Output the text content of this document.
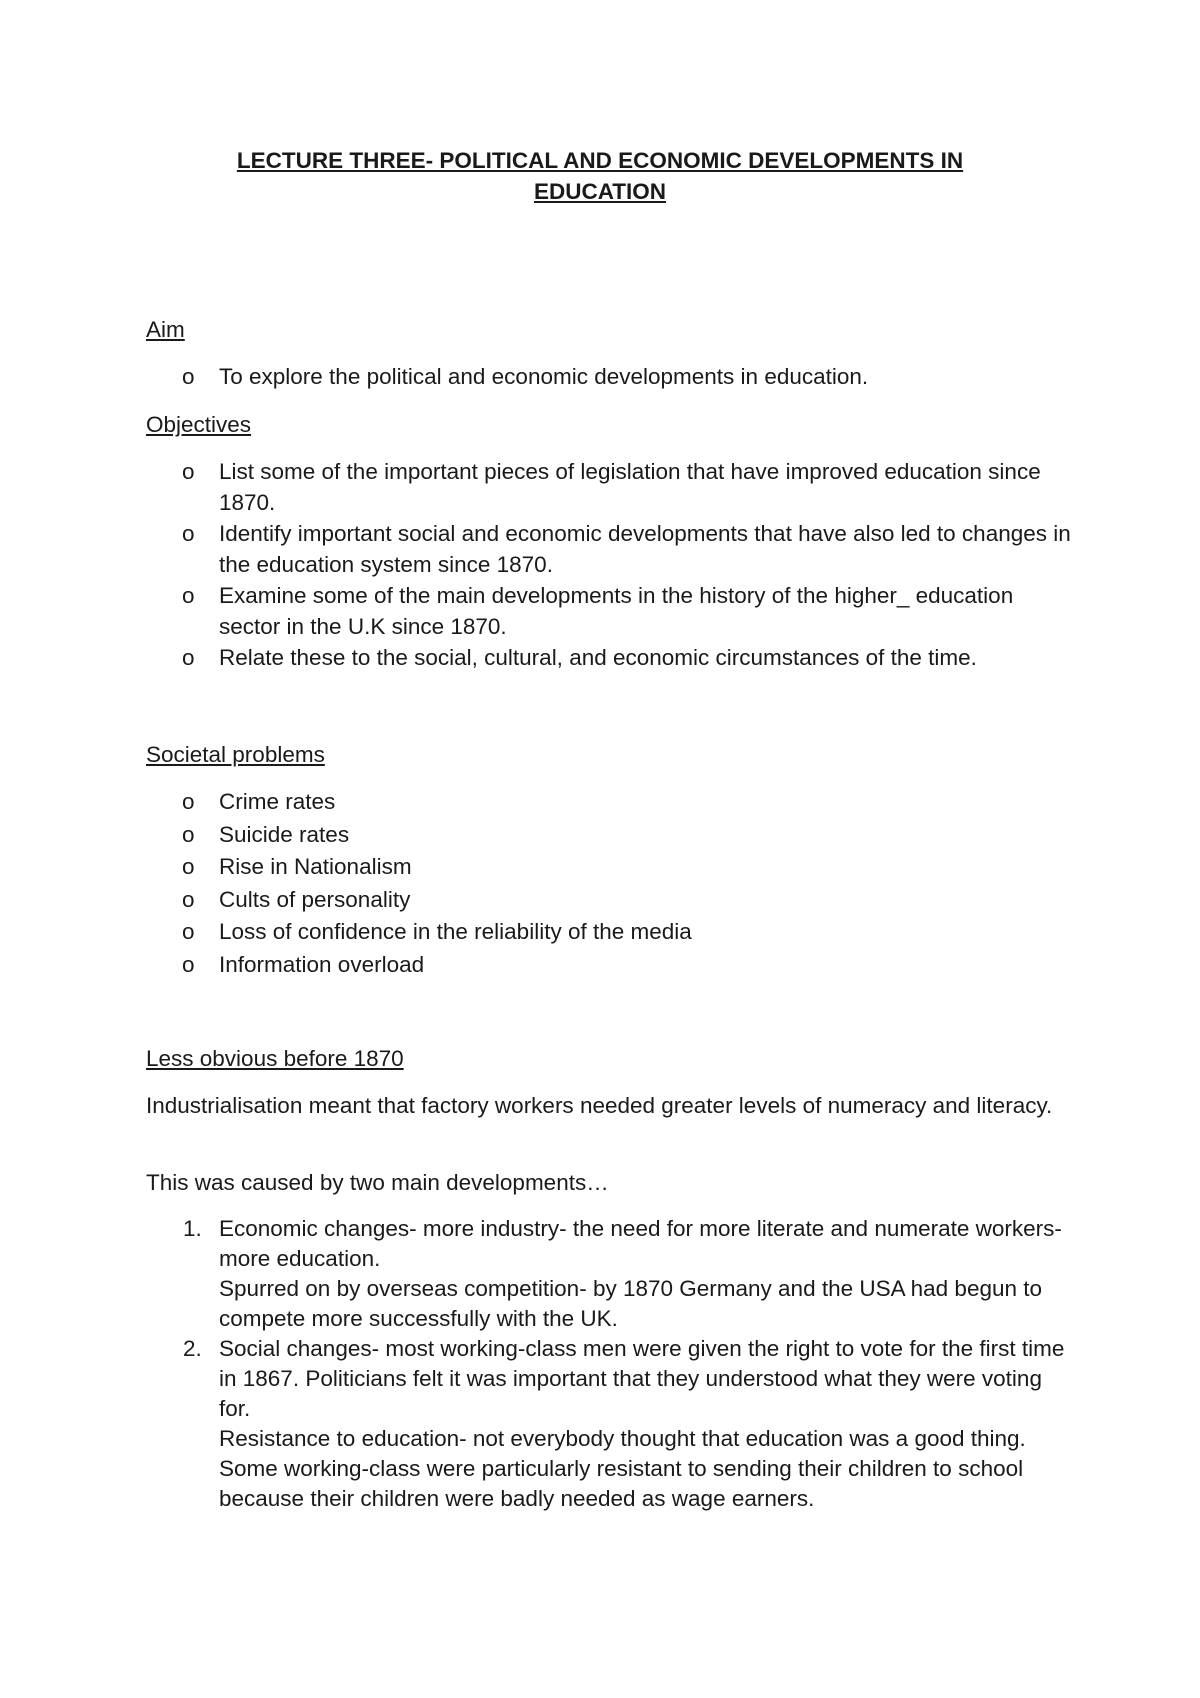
LECTURE THREE- POLITICAL AND ECONOMIC DEVELOPMENTS IN EDUCATION
Aim
o To explore the political and economic developments in education.
Objectives
o List some of the important pieces of legislation that have improved education since 1870.
o Identify important social and economic developments that have also led to changes in the education system since 1870.
o Examine some of the main developments in the history of the higher_ education sector in the U.K since 1870.
o Relate these to the social, cultural, and economic circumstances of the time.
Societal problems
o Crime rates
o Suicide rates
o Rise in Nationalism
o Cults of personality
o Loss of confidence in the reliability of the media
o Information overload
Less obvious before 1870

Industrialisation meant that factory workers needed greater levels of numeracy and literacy.

This was caused by two main developments…

1. Economic changes- more industry- the need for more literate and numerate workers- more education.
Spurred on by overseas competition- by 1870 Germany and the USA had begun to compete more successfully with the UK.
2. Social changes- most working-class men were given the right to vote for the first time in 1867. Politicians felt it was important that they understood what they were voting for.
Resistance to education- not everybody thought that education was a good thing. Some working-class were particularly resistant to sending their children to school because their children were badly needed as wage earners.
